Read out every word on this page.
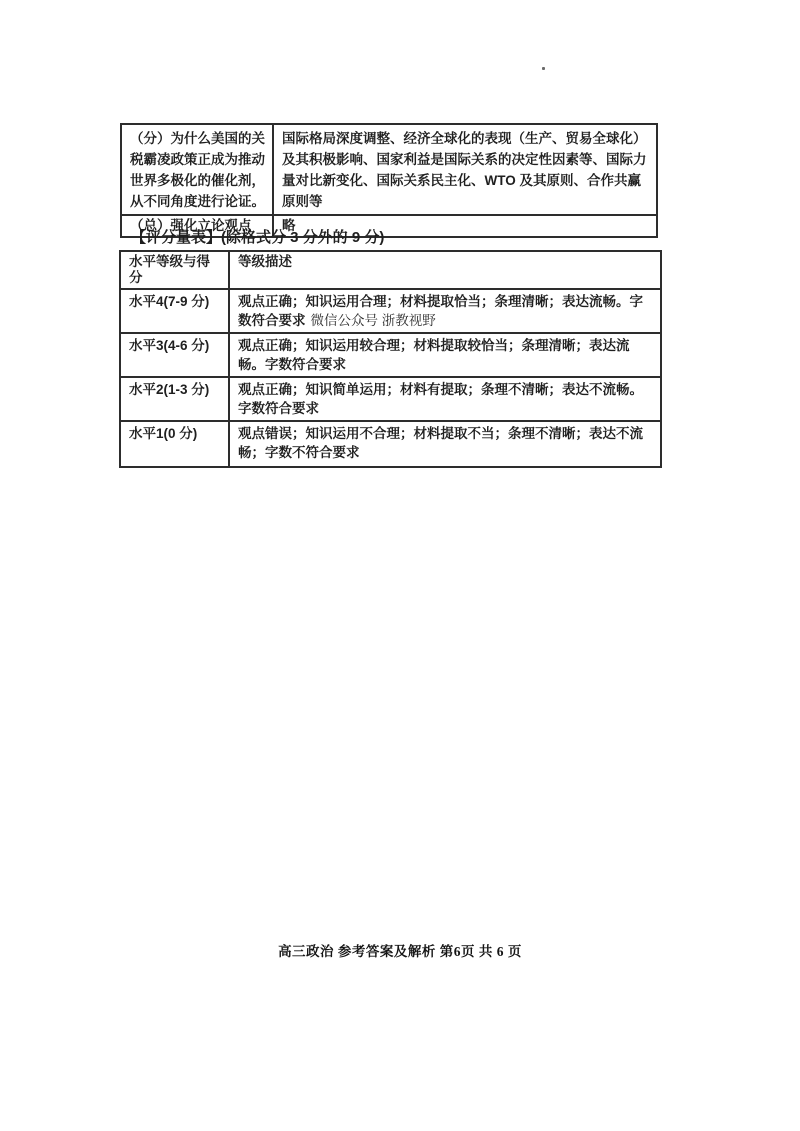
（分）为什么美国的关税霸凌政策正成为推动世界多极化的催化剂，从不同角度进行论证。	国际格局深度调整、经济全球化的表现（生产、贸易全球化）及其积极影响、国家利益是国际关系的决定性因素等、国际力量对比新变化、国际关系民主化、WTO 及其原则、合作共赢原则等
（总）强化立论观点	略
【评分量表】(除格式分 3 分外的 9 分)
水平等级与得分	等级描述
水平4(7-9 分)	观点正确；知识运用合理；材料提取恰当；条理清晰；表达流畅。字数符合要求 微信公众号 浙教视野
水平3(4-6 分)	观点正确；知识运用较合理；材料提取较恰当；条理清晰；表达流畅。字数符合要求
水平2(1-3 分)	观点正确；知识简单运用；材料有提取；条理不清晰；表达不流畅。字数符合要求
水平1(0 分)	观点错误；知识运用不合理；材料提取不当；条理不清晰；表达不流畅；字数不符合要求
高三政治 参考答案及解析 第6页 共 6 页
